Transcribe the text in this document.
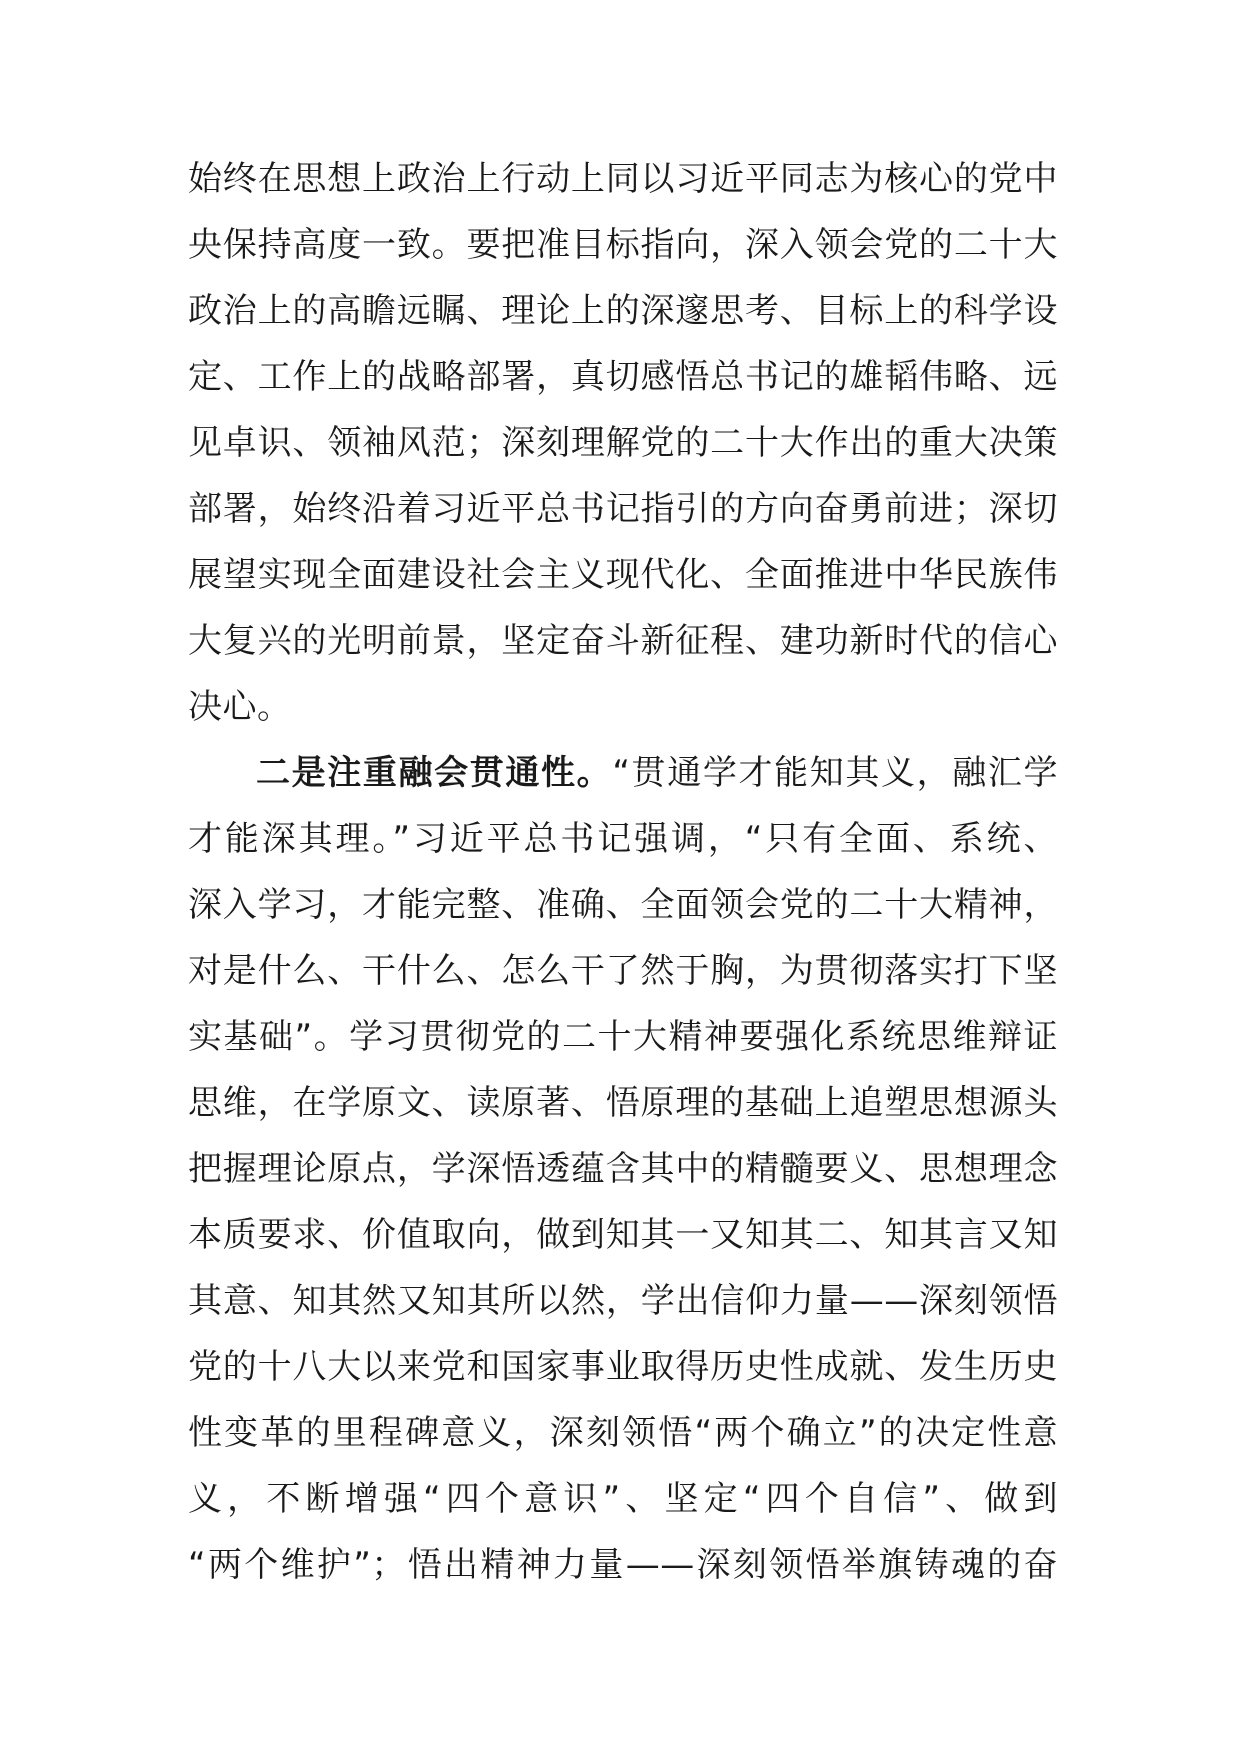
始终在思想上政治上行动上同以习近平同志为核心的党中
央保持高度一致。要把准目标指向，深入领会党的二十大
政治上的高瞻远瞩、理论上的深邃思考、目标上的科学设
定、工作上的战略部署，真切感悟总书记的雄韬伟略、远
见卓识、领袖风范；深刻理解党的二十大作出的重大决策
部署，始终沿着习近平总书记指引的方向奋勇前进；深切
展望实现全面建设社会主义现代化、全面推进中华民族伟
大复兴的光明前景，坚定奋斗新征程、建功新时代的信心
决心。
二是注重融会贯通性。“贯通学才能知其义，融汇学
才能深其理。”习近平总书记强调，“只有全面、系统、
深入学习，才能完整、准确、全面领会党的二十大精神，
对是什么、干什么、怎么干了然于胸，为贯彻落实打下坚
实基础”。学习贯彻党的二十大精神要强化系统思维辩证
思维，在学原文、读原著、悟原理的基础上追塑思想源头
把握理论原点，学深悟透蕴含其中的精髓要义、思想理念
本质要求、价值取向，做到知其一又知其二、知其言又知
其意、知其然又知其所以然，学出信仰力量——深刻领悟
党的十八大以来党和国家事业取得历史性成就、发生历史
性变革的里程碑意义，深刻领悟“两个确立”的决定性意
义，不断增强“四个意识”、坚定“四个自信”、做到
“两个维护”；悟出精神力量——深刻领悟举旗铸魂的奋
